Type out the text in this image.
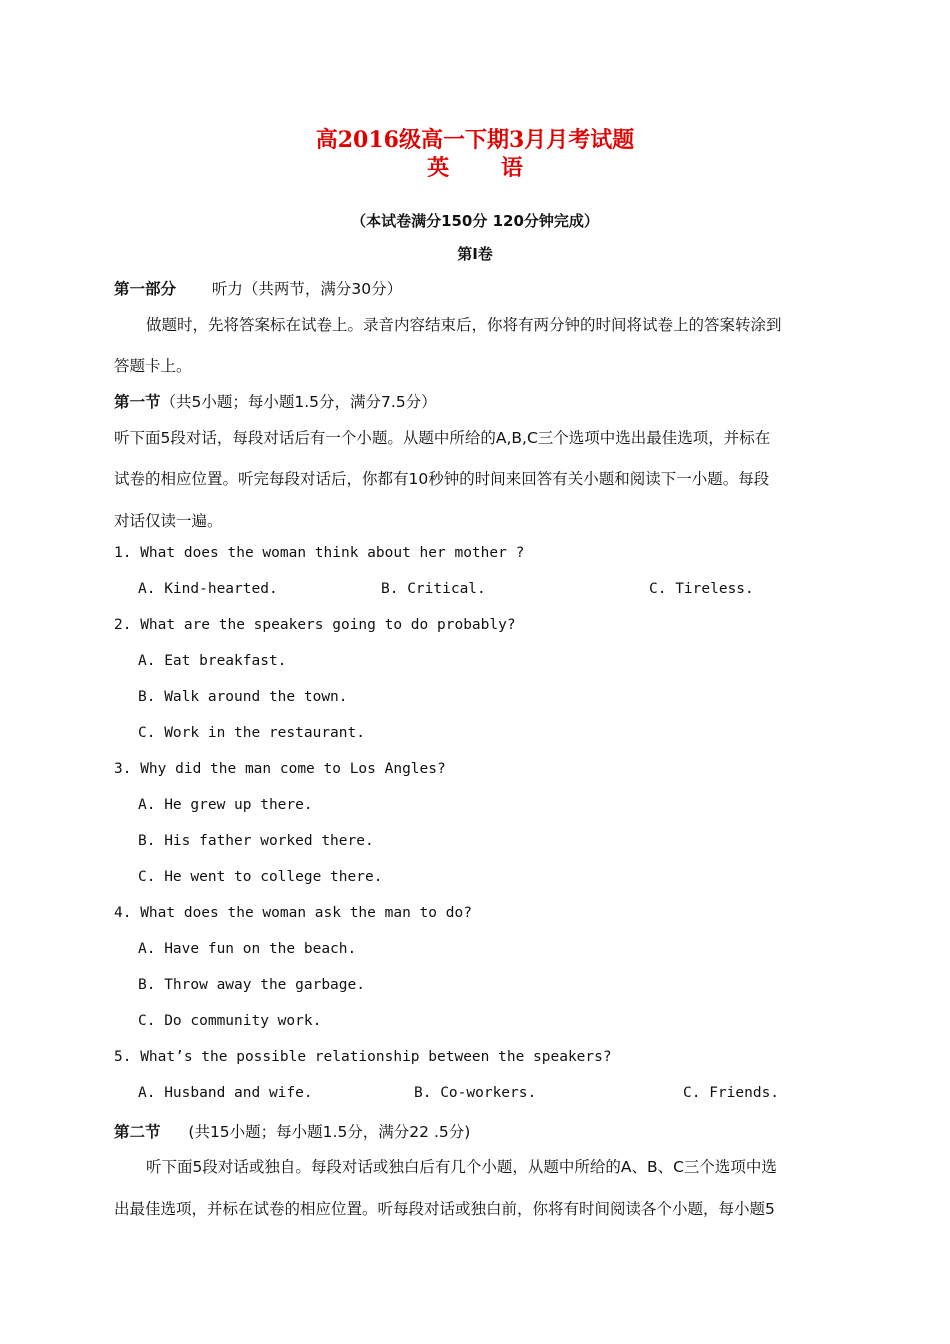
高2016级高一下期3月月考试题
英 语
（本试卷满分150分 120分钟完成）
第I卷
第一部分 听力（共两节，满分30分）
做题时，先将答案标在试卷上。录音内容结束后，你将有两分钟的时间将试卷上的答案转涂到
答题卡上。
第一节（共5小题；每小题1.5分，满分7.5分）
听下面5段对话，每段对话后有一个小题。从题中所给的A,B,C三个选项中选出最佳选项，并标在
试卷的相应位置。听完每段对话后，你都有10秒钟的时间来回答有关小题和阅读下一小题。每段
对话仅读一遍。
1. What does the woman think about her mother ?
A. Kind-hearted.	B. Critical.	C. Tireless.
2. What are the speakers going to do probably?
A. Eat breakfast.
B. Walk around the town.
C. Work in the restaurant.
3. Why did the man come to Los Angles?
A. He grew up there.
B. His father worked there.
C. He went to college there.
4. What does the woman ask the man to do?
A. Have fun on the beach.
B. Throw away the garbage.
C. Do community work.
5. What’s the possible relationship between the speakers?
A. Husband and wife.	B. Co-workers.	C. Friends.
第二节 (共15小题；每小题1.5分，满分22 .5分)
听下面5段对话或独自。每段对话或独白后有几个小题，从题中所给的A、B、C三个选项中选
出最佳选项，并标在试卷的相应位置。听每段对话或独白前，你将有时间阅读各个小题，每小题5
